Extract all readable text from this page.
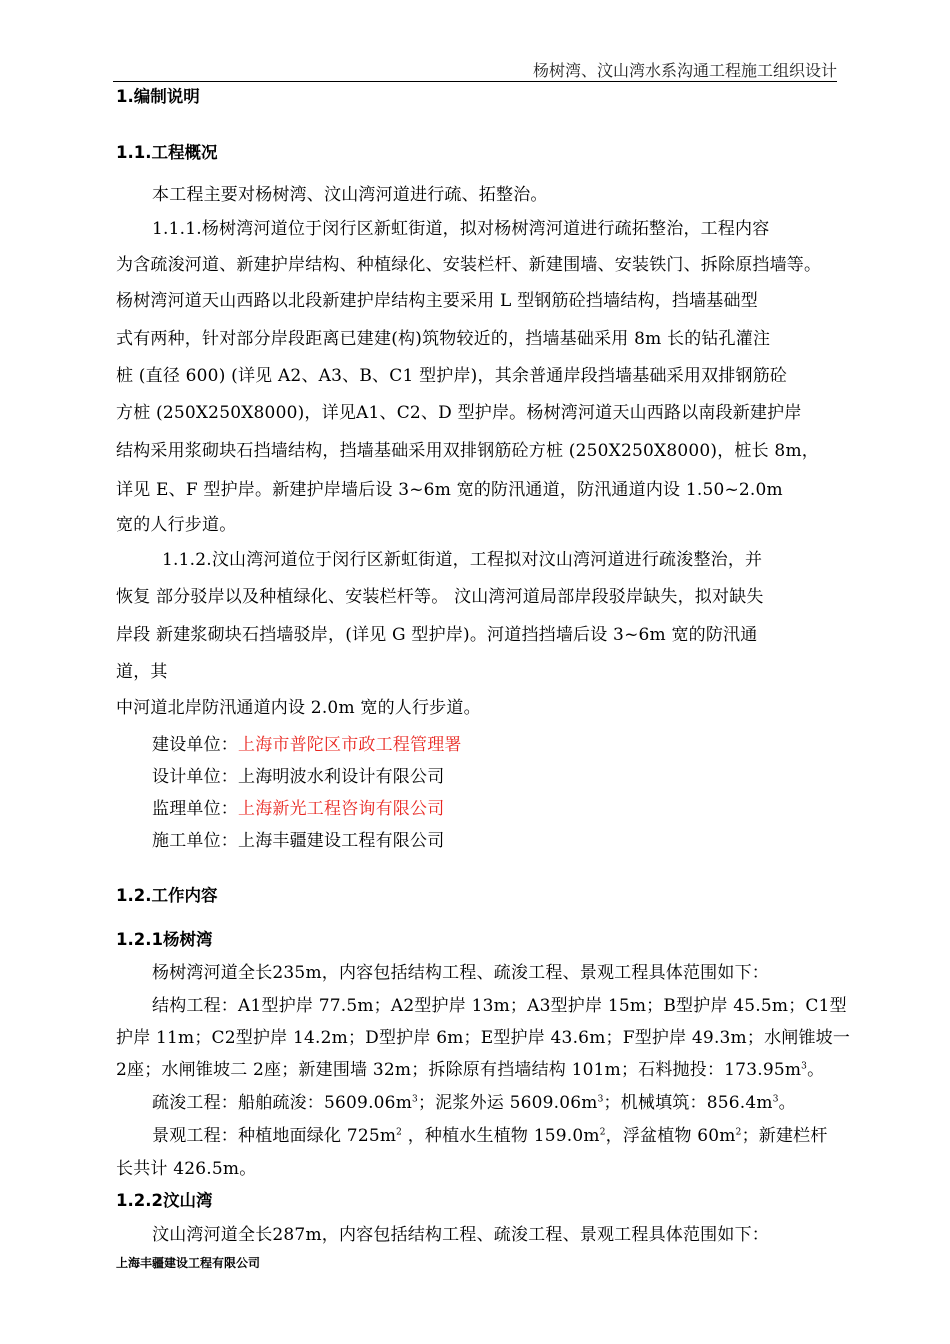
杨树湾、汶山湾水系沟通工程施工组织设计
1.编制说明
1.1.工程概况
本工程主要对杨树湾、汶山湾河道进行疏、拓整治。
1.1.1.杨树湾河道位于闵行区新虹街道，拟对杨树湾河道进行疏拓整治，工程内容
为含疏浚河道、新建护岸结构、种植绿化、安装栏杆、新建围墙、安装铁门、拆除原挡墙等。
杨树湾河道天山西路以北段新建护岸结构主要采用 L 型钢筋砼挡墙结构，挡墙基础型
式有两种，针对部分岸段距离已建建(构)筑物较近的，挡墙基础采用 8m 长的钻孔灌注
桩 (直径 600) (详见 A2、A3、B、C1 型护岸)，其余普通岸段挡墙基础采用双排钢筋砼
方桩 (250X250X8000)，详见A1、C2、D 型护岸。杨树湾河道天山西路以南段新建护岸
结构采用浆砌块石挡墙结构，挡墙基础采用双排钢筋砼方桩 (250X250X8000)，桩长 8m，
详见 E、F 型护岸。新建护岸墙后设 3~6m 宽的防汛通道，防汛通道内设 1.50~2.0m
宽的人行步道。
1.1.2.汶山湾河道位于闵行区新虹街道，工程拟对汶山湾河道进行疏浚整治，并
恢复 部分驳岸以及种植绿化、安装栏杆等。 汶山湾河道局部岸段驳岸缺失，拟对缺失
岸段 新建浆砌块石挡墙驳岸，(详见 G 型护岸)。河道挡挡墙后设 3~6m 宽的防汛通
道，其
中河道北岸防汛通道内设 2.0m 宽的人行步道。
建设单位：上海市普陀区市政工程管理署
设计单位：上海明波水利设计有限公司
监理单位：上海新光工程咨询有限公司
施工单位：上海丰疆建设工程有限公司
1.2.工作内容
1.2.1杨树湾
杨树湾河道全长235m，内容包括结构工程、疏浚工程、景观工程具体范围如下：
结构工程：A1型护岸 77.5m；A2型护岸 13m；A3型护岸 15m；B型护岸 45.5m；C1型
护岸 11m；C2型护岸 14.2m；D型护岸 6m；E型护岸 43.6m；F型护岸 49.3m；水闸锥坡一
2座；水闸锥坡二 2座；新建围墙 32m；拆除原有挡墙结构 101m；石料抛投：$173.95m^3$。
疏浚工程：船舶疏浚：$5609.06m^3$；泥浆外运 $5609.06m^3$；机械填筑：$856.4m^3$。
景观工程：种植地面绿化 $725m^2$ ，种植水生植物 $159.0m^2$，浮盆植物 $60m^2$；新建栏杆
长共计 426.5m。
1.2.2汶山湾
汶山湾河道全长287m，内容包括结构工程、疏浚工程、景观工程具体范围如下：
上海丰疆建设工程有限公司
